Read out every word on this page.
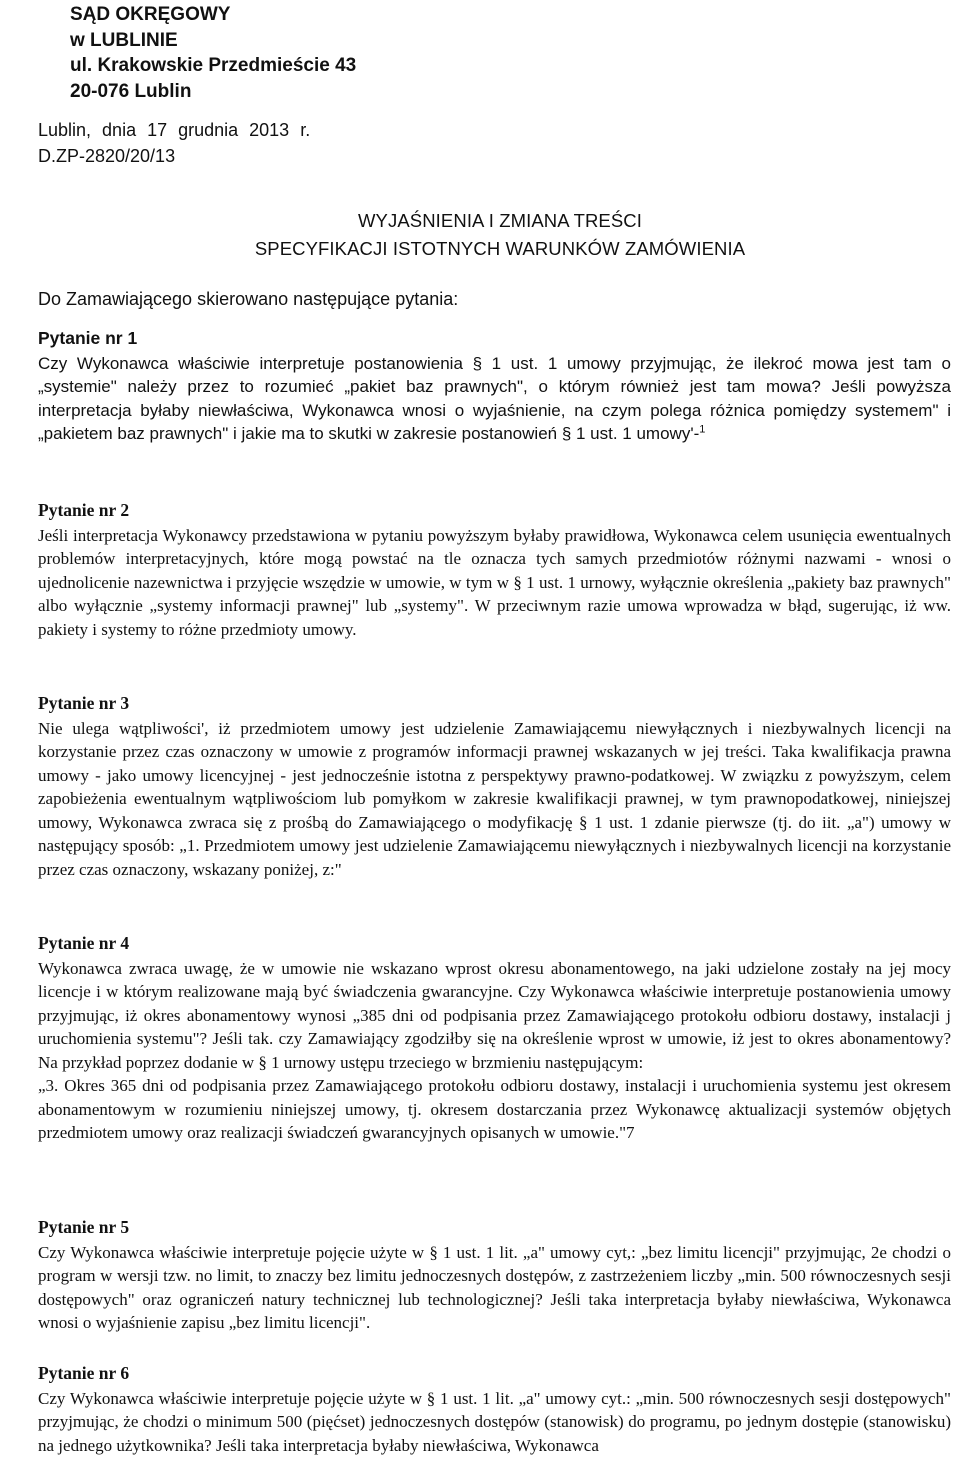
SĄD OKRĘGOWY
w LUBLINIE
ul. Krakowskie Przedmieście 43
20-076 Lublin
Lublin, dnia 17 grudnia 2013 r.
D.ZP-2820/20/13
WYJAŚNIENIA I ZMIANA TREŚCI
SPECYFIKACJI ISTOTNYCH WARUNKÓW ZAMÓWIENIA
Do Zamawiającego skierowano następujące pytania:
Pytanie nr 1

Czy Wykonawca właściwie interpretuje postanowienia § 1 ust. 1 umowy przyjmując, że ilekroć mowa jest tam o „systemie" należy przez to rozumieć „pakiet baz prawnych", o którym również jest tam mowa? Jeśli powyższa interpretacja byłaby niewłaściwa, Wykonawca wnosi o wyjaśnienie, na czym polega różnica pomiędzy systemem" i „pakietem baz prawnych" i jakie ma to skutki w zakresie postanowień § 1 ust. 1 umowy'-$^1$

Pytanie nr 2

Jeśli interpretacja Wykonawcy przedstawiona w pytaniu powyższym byłaby prawidłowa, Wykonawca celem usunięcia ewentualnych problemów interpretacyjnych, które mogą powstać na tle oznacza tych samych przedmiotów różnymi nazwami - wnosi o ujednolicenie nazewnictwa i przyjęcie wszędzie w umowie, w tym w § 1 ust. 1 urnowy, wyłącznie określenia „pakiety baz prawnych" albo wyłącznie „systemy informacji prawnej" lub „systemy". W przeciwnym razie umowa wprowadza w błąd, sugerując, iż ww. pakiety i systemy to różne przedmioty umowy.

Pytanie nr 3

Nie ulega wątpliwości', iż przedmiotem umowy jest udzielenie Zamawiającemu niewyłącznych i niezbywalnych licencji na korzystanie przez czas oznaczony w umowie z programów informacji prawnej wskazanych w jej treści. Taka kwalifikacja prawna umowy - jako umowy licencyjnej - jest jednocześnie istotna z perspektywy prawno-podatkowej. W związku z powyższym, celem zapobieżenia ewentualnym wątpliwościom lub pomyłkom w zakresie kwalifikacji prawnej, w tym prawnopodatkowej, niniejszej umowy, Wykonawca zwraca się z prośbą do Zamawiającego o modyfikację § 1 ust. 1 zdanie pierwsze (tj. do iit. „a") umowy w następujący sposób: „1. Przedmiotem umowy jest udzielenie Zamawiającemu niewyłącznych i niezbywalnych licencji na korzystanie przez czas oznaczony, wskazany poniżej, z:"

Pytanie nr 4

Wykonawca zwraca uwagę, że w umowie nie wskazano wprost okresu abonamentowego, na jaki udzielone zostały na jej mocy licencje i w którym realizowane mają być świadczenia gwarancyjne. Czy Wykonawca właściwie interpretuje postanowienia umowy przyjmując, iż okres abonamentowy wynosi „385 dni od podpisania przez Zamawiającego protokołu odbioru dostawy, instalacji j uruchomienia systemu"? Jeśli tak. czy Zamawiający zgodziłby się na określenie wprost w umowie, iż jest to okres abonamentowy? Na przykład poprzez dodanie w § 1 urnowy ustępu trzeciego w brzmieniu następującym:

„3. Okres 365 dni od podpisania przez Zamawiającego protokołu odbioru dostawy, instalacji i uruchomienia systemu jest okresem abonamentowym w rozumieniu niniejszej umowy, tj. okresem dostarczania przez Wykonawcę aktualizacji systemów objętych przedmiotem umowy oraz realizacji świadczeń gwarancyjnych opisanych w umowie."7

Pytanie nr 5

Czy Wykonawca właściwie interpretuje pojęcie użyte w § 1 ust. 1 lit. „a" umowy cyt,: „bez limitu licencji" przyjmując, 2e chodzi o program w wersji tzw. no limit, to znaczy bez limitu jednoczesnych dostępów, z zastrzeżeniem liczby „min. 500 równoczesnych sesji dostępowych" oraz ograniczeń natury technicznej lub technologicznej? Jeśli taka interpretacja byłaby niewłaściwa, Wykonawca wnosi o wyjaśnienie zapisu „bez limitu licencji".

Pytanie nr 6

Czy Wykonawca właściwie interpretuje pojęcie użyte w § 1 ust. 1 lit. „a" umowy cyt.: „min. 500 równoczesnych sesji dostępowych" przyjmując, że chodzi o minimum 500 (pięćset) jednoczesnych dostępów (stanowisk) do programu, po jednym dostępie (stanowisku) na jednego użytkownika? Jeśli taka interpretacja byłaby niewłaściwa, Wykonawca
